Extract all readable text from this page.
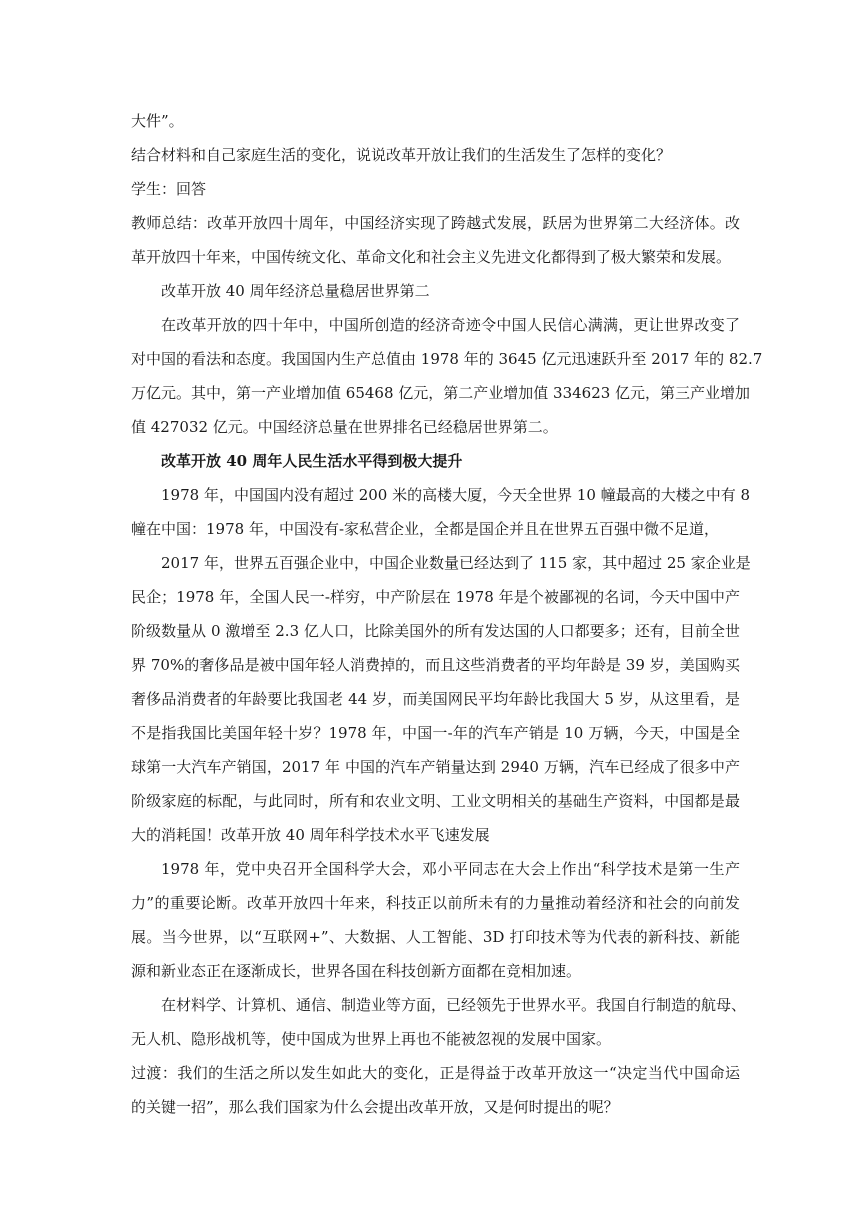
大件”。

结合材料和自己家庭生活的变化，说说改革开放让我们的生活发生了怎样的变化？

学生：回答

教师总结：改革开放四十周年，中国经济实现了跨越式发展，跃居为世界第二大经济体。改

革开放四十年来，中国传统文化、革命文化和社会主义先进文化都得到了极大繁荣和发展。

改革开放 40 周年经济总量稳居世界第二

在改革开放的四十年中，中国所创造的经济奇迹令中国人民信心满满，更让世界改变了

对中国的看法和态度。我国国内生产总值由 1978 年的 3645 亿元迅速跃升至 2017 年的 82.7

万亿元。其中，第一产业增加值 65468 亿元，第二产业增加值 334623 亿元，第三产业增加

值 427032 亿元。中国经济总量在世界排名已经稳居世界第二。

改革开放 40 周年人民生活水平得到极大提升

1978 年，中国国内没有超过 200 米的高楼大厦，今天全世界 10 幢最高的大楼之中有 8

幢在中国：1978 年，中国没有-家私营企业，全都是国企并且在世界五百强中微不足道，

2017 年，世界五百强企业中，中国企业数量已经达到了 115 家，其中超过 25 家企业是

民企；1978 年，全国人民一-样穷，中产阶层在 1978 年是个被鄙视的名词，今天中国中产

阶级数量从 0 激增至 2.3 亿人口，比除美国外的所有发达国的人口都要多；还有，目前全世

界 70%的奢侈品是被中国年轻人消费掉的，而且这些消费者的平均年龄是 39 岁，美国购买

奢侈品消费者的年龄要比我国老 44 岁，而美国网民平均年龄比我国大 5 岁，从这里看，是

不是指我国比美国年轻十岁？1978 年，中国一-年的汽车产销是 10 万辆，今天，中国是全

球第一大汽车产销国，2017 年 中国的汽车产销量达到 2940 万辆，汽车已经成了很多中产

阶级家庭的标配，与此同时，所有和农业文明、工业文明相关的基础生产资料，中国都是最

大的消耗国！改革开放 40 周年科学技术水平飞速发展

1978 年，党中央召开全国科学大会，邓小平同志在大会上作出“科学技术是第一生产

力”的重要论断。改革开放四十年来，科技正以前所未有的力量推动着经济和社会的向前发

展。当今世界，以“互联网+”、大数据、人工智能、3D 打印技术等为代表的新科技、新能

源和新业态正在逐渐成长，世界各国在科技创新方面都在竞相加速。

在材料学、计算机、通信、制造业等方面，已经领先于世界水平。我国自行制造的航母、

无人机、隐形战机等，使中国成为世界上再也不能被忽视的发展中国家。

过渡：我们的生活之所以发生如此大的变化，正是得益于改革开放这一“决定当代中国命运

的关键一招”，那么我们国家为什么会提出改革开放，又是何时提出的呢？
